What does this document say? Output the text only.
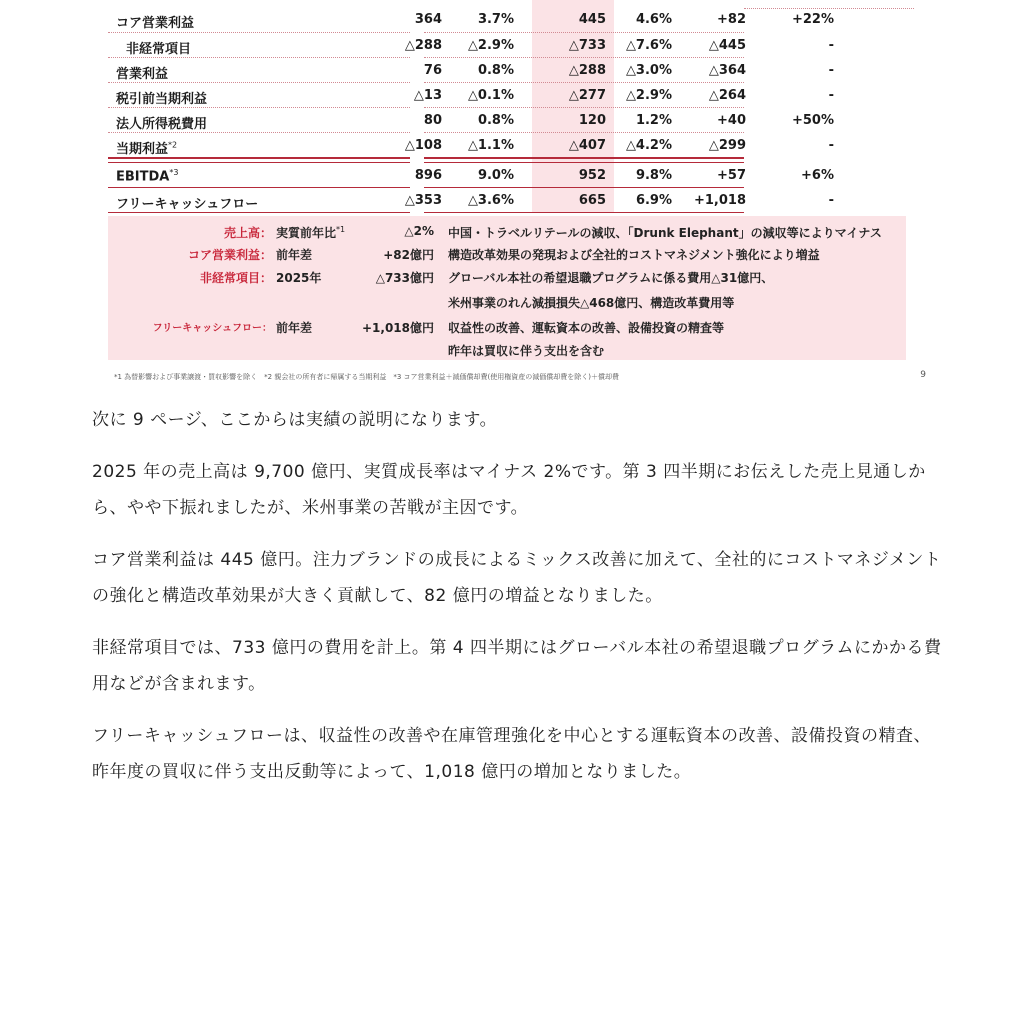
コア営業利益	364	3.7%	445 4.6%	+82	+22%
非経常項目	△288 △2.9%	△733 △7.6%	△445	-
営業利益	76	0.8%	△288 △3.0%	△364	-
税引前当期利益	△13 △0.1%	△277 △2.9%	△264	-
法人所得税費用	80	0.8%	120 1.2%	+40	+50%
当期利益$^{*2}$	△108 △1.1%	△407 △4.2%	△299	-
EBITDA$^{*3}$	896	9.0%	952 9.8%	+57	+6%
フリーキャッシュフロー	△353 △3.6%	665 6.9% +1,018	-
売上高： 実質前年比$^{*1}$	△2% 中国・トラベルリテールの減収、「Drunk Elephant」の減収等によりマイナス
コア営業利益： 前年差	+82億円 構造改革効果の発現および全社的コストマネジメント強化により増益
非経常項目： 2025年	△733億円 グローバル本社の希望退職プログラムに係る費用△31億円、
米州事業のれん減損損失△468億円、構造改革費用等
フリーキャッシュフロー： 前年差	+1,018億円 収益性の改善、運転資本の改善、設備投資の精査等
昨年は買収に伴う支出を含む
*1 為替影響および事業譲渡・買収影響を除く　*2 親会社の所有者に帰属する当期利益　*3 コア営業利益＋減価償却費(使用権資産の減価償却費を除く)＋償却費	9

次に 9 ページ、ここからは実績の説明になります。

2025 年の売上高は 9,700 億円、実質成長率はマイナス 2%です。第 3 四半期にお伝えした売上見通しから、やや下振れましたが、米州事業の苦戦が主因です。

コア営業利益は 445 億円。注力ブランドの成長によるミックス改善に加えて、全社的にコストマネジメントの強化と構造改革効果が大きく貢献して、82 億円の増益となりました。

非経常項目では、733 億円の費用を計上。第 4 四半期にはグローバル本社の希望退職プログラムにかかる費用などが含まれます。

フリーキャッシュフローは、収益性の改善や在庫管理強化を中心とする運転資本の改善、設備投資の精査、昨年度の買収に伴う支出反動等によって、1,018 億円の増加となりました。
